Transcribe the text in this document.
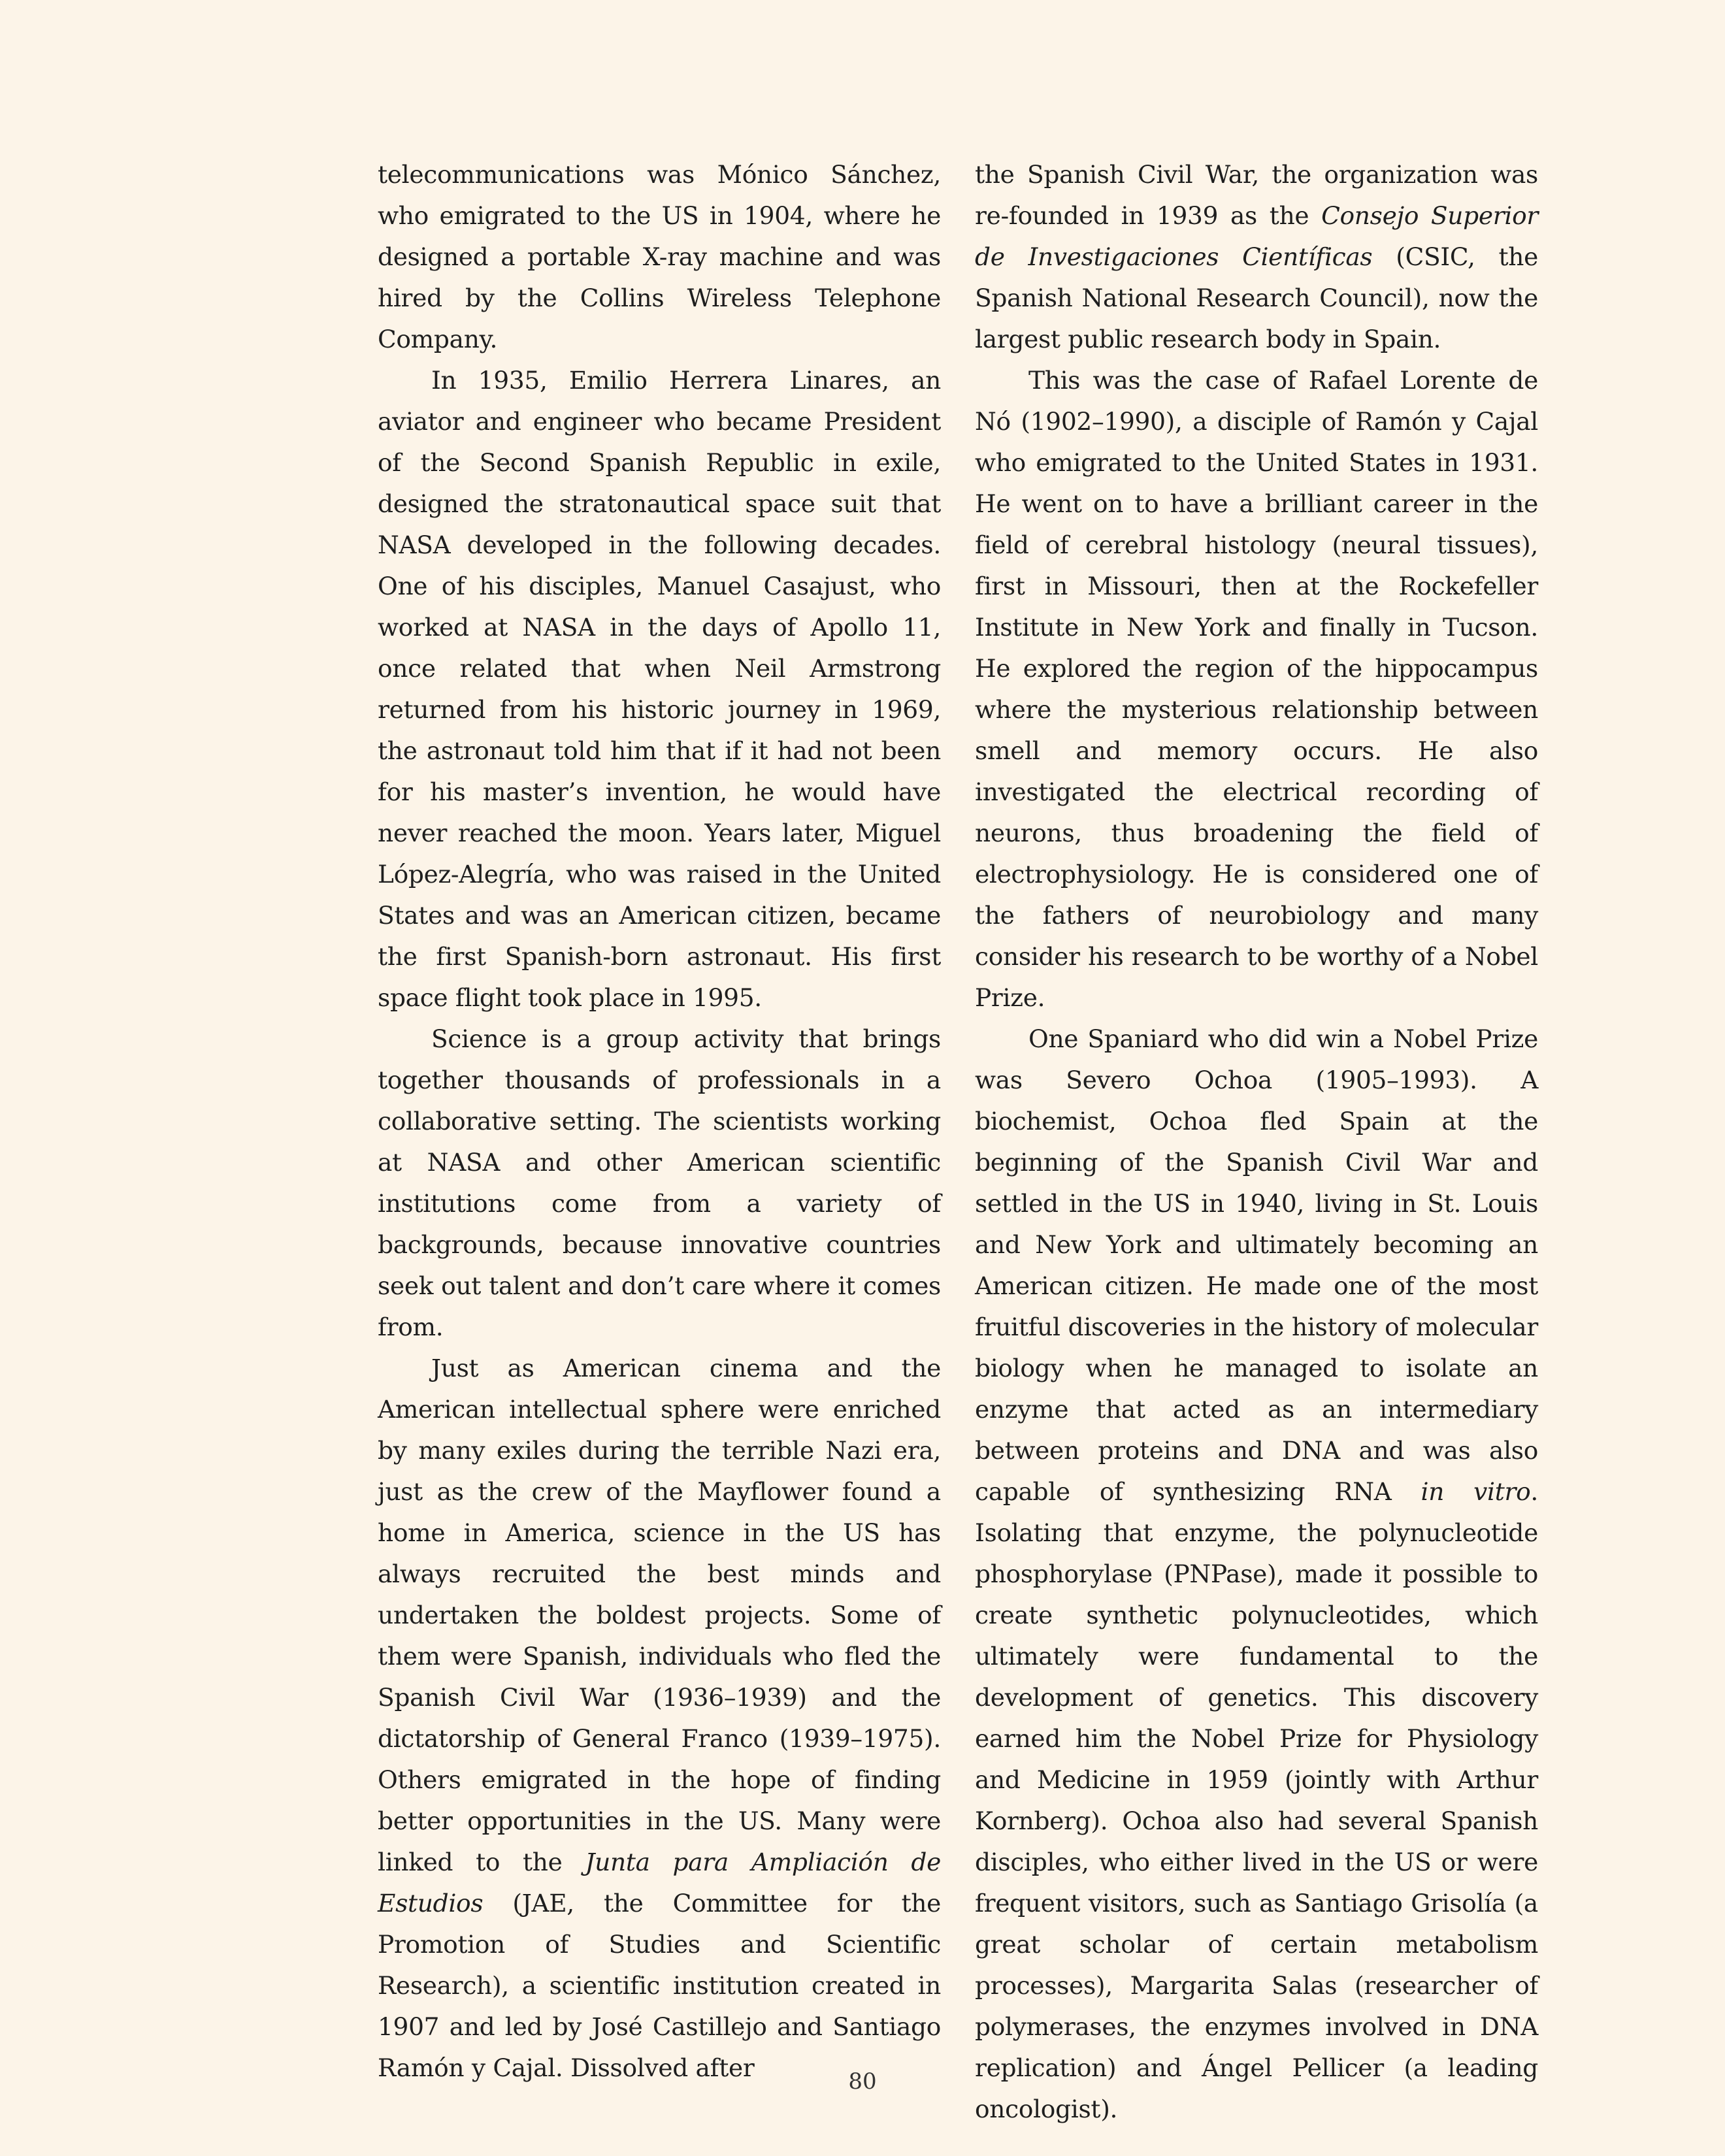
telecommunications was Mónico Sánchez, who emigrated to the US in 1904, where he designed a portable X-ray machine and was hired by the Collins Wireless Telephone Company.

In 1935, Emilio Herrera Linares, an aviator and engineer who became President of the Second Spanish Republic in exile, designed the stratonautical space suit that NASA developed in the following decades. One of his disciples, Manuel Casajust, who worked at NASA in the days of Apollo 11, once related that when Neil Armstrong returned from his historic journey in 1969, the astronaut told him that if it had not been for his master’s invention, he would have never reached the moon. Years later, Miguel López-Alegría, who was raised in the United States and was an American citizen, became the first Spanish-born astronaut. His first space flight took place in 1995.

Science is a group activity that brings together thousands of professionals in a collaborative setting. The scientists working at NASA and other American scientific institutions come from a variety of backgrounds, because innovative countries seek out talent and don’t care where it comes from.

Just as American cinema and the American intellectual sphere were enriched by many exiles during the terrible Nazi era, just as the crew of the Mayflower found a home in America, science in the US has always recruited the best minds and undertaken the boldest projects. Some of them were Spanish, individuals who fled the Spanish Civil War (1936–1939) and the dictatorship of General Franco (1939–1975). Others emigrated in the hope of finding better opportunities in the US. Many were linked to the Junta para Ampliación de Estudios (JAE, the Committee for the Promotion of Studies and Scientific Research), a scientific institution created in 1907 and led by José Castillejo and Santiago Ramón y Cajal. Dissolved after

the Spanish Civil War, the organization was re-founded in 1939 as the Consejo Superior de Investigaciones Científicas (CSIC, the Spanish National Research Council), now the largest public research body in Spain.

This was the case of Rafael Lorente de Nó (1902–1990), a disciple of Ramón y Cajal who emigrated to the United States in 1931. He went on to have a brilliant career in the field of cerebral histology (neural tissues), first in Missouri, then at the Rockefeller Institute in New York and finally in Tucson. He explored the region of the hippocampus where the mysterious relationship between smell and memory occurs. He also investigated the electrical recording of neurons, thus broadening the field of electrophysiology. He is considered one of the fathers of neurobiology and many consider his research to be worthy of a Nobel Prize.

One Spaniard who did win a Nobel Prize was Severo Ochoa (1905–1993). A biochemist, Ochoa fled Spain at the beginning of the Spanish Civil War and settled in the US in 1940, living in St. Louis and New York and ultimately becoming an American citizen. He made one of the most fruitful discoveries in the history of molecular biology when he managed to isolate an enzyme that acted as an intermediary between proteins and DNA and was also capable of synthesizing RNA in vitro. Isolating that enzyme, the polynucleotide phosphorylase (PNPase), made it possible to create synthetic polynucleotides, which ultimately were fundamental to the development of genetics. This discovery earned him the Nobel Prize for Physiology and Medicine in 1959 (jointly with Arthur Kornberg). Ochoa also had several Spanish disciples, who either lived in the US or were frequent visitors, such as Santiago Grisolía (a great scholar of certain metabolism processes), Margarita Salas (researcher of polymerases, the enzymes involved in DNA replication) and Ángel Pellicer (a leading oncologist).

80
